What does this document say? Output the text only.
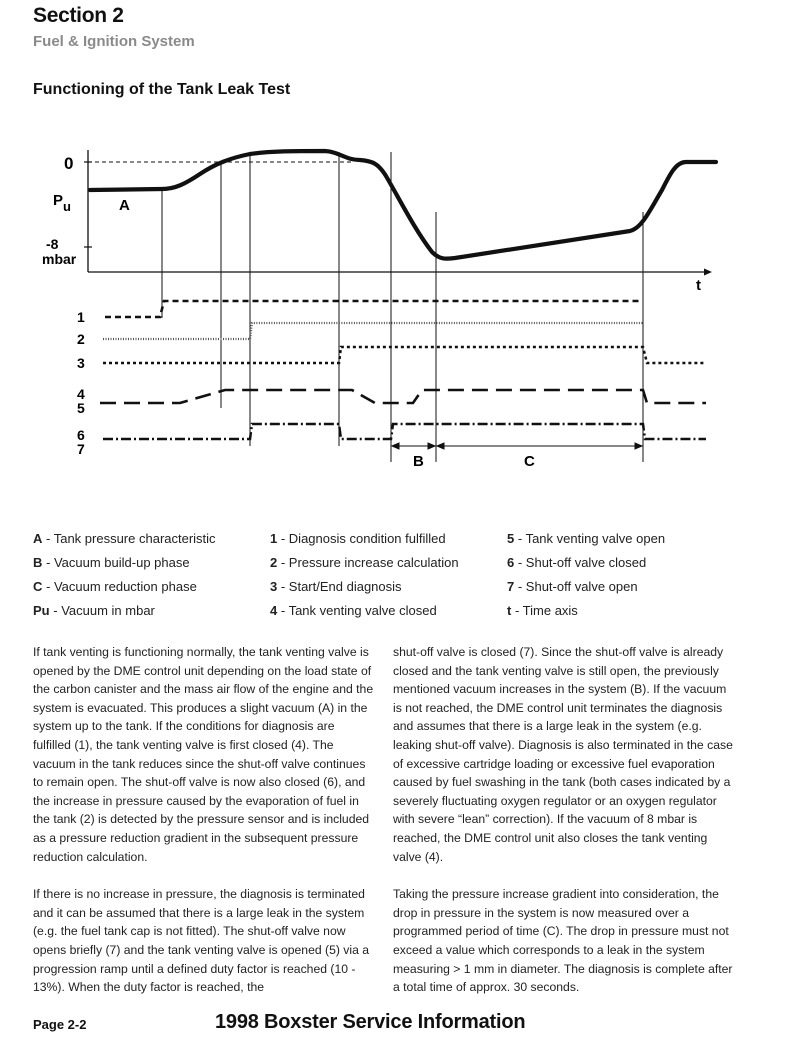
Section 2
Fuel & Ignition System
Functioning of the Tank Leak Test
0
Pu
-8
mbar
t
A
1
2
3
4
5
6
7
B	C
A - Tank pressure characteristic
B - Vacuum build-up phase
C - Vacuum reduction phase
Pu - Vacuum in mbar
1 - Diagnosis condition fulfilled
2 - Pressure increase calculation
3 - Start/End diagnosis
4 - Tank venting valve closed
5 - Tank venting valve open
6 - Shut-off valve closed
7 - Shut-off valve open
t - Time axis

If tank venting is functioning normally, the tank venting valve is opened by the DME control unit depending on the load state of the carbon canister and the mass air flow of the engine and the system is evacuated. This produces a slight vacuum (A) in the system up to the tank. If the conditions for diagnosis are fulfilled (1), the tank venting valve is first closed (4). The vacuum in the tank reduces since the shut-off valve continues to remain open. The shut-off valve is now also closed (6), and the increase in pressure caused by the evaporation of fuel in the tank (2) is detected by the pressure sensor and is included as a pressure reduction gradient in the subsequent pressure reduction calculation.

If there is no increase in pressure, the diagnosis is terminated and it can be assumed that there is a large leak in the system (e.g. the fuel tank cap is not fitted). The shut-off valve now opens briefly (7) and the tank venting valve is opened (5) via a progression ramp until a defined duty factor is reached (10 - 13%). When the duty factor is reached, the

shut-off valve is closed (7). Since the shut-off valve is already closed and the tank venting valve is still open, the previously mentioned vacuum increases in the system (B). If the vacuum is not reached, the DME control unit terminates the diagnosis and assumes that there is a large leak in the system (e.g. leaking shut-off valve). Diagnosis is also terminated in the case of excessive cartridge loading or excessive fuel evaporation caused by fuel swashing in the tank (both cases indicated by a severely fluctuating oxygen regulator or an oxygen regulator with severe “lean” correction). If the vacuum of 8 mbar is reached, the DME control unit also closes the tank venting valve (4).

Taking the pressure increase gradient into consideration, the drop in pressure in the system is now measured over a programmed period of time (C). The drop in pressure must not exceed a value which corresponds to a leak in the system measuring > 1 mm in diameter. The diagnosis is complete after a total time of approx. 30 seconds.

Page 2-2	1998 Boxster Service Information
